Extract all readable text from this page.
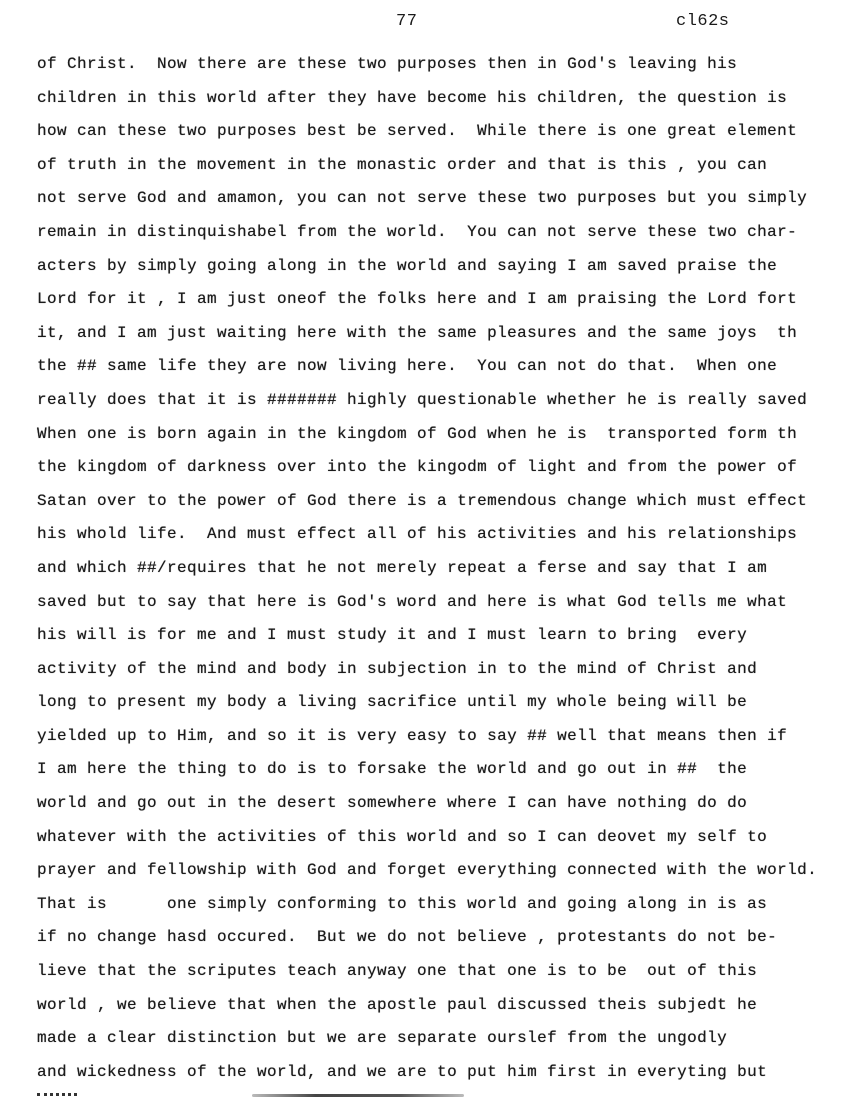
77	cl62s
of Christ.  Now there are these two purposes then in God's leaving his
children in this world after they have become his children, the question is
how can these two purposes best be served.  While there is one great element
of truth in the movement in the monastic order and that is this , you can
not serve God and amamon, you can not serve these two purposes but you simply
remain in distinquishabel from the world.  You can not serve these two char-
acters by simply going along in the world and saying I am saved praise the
Lord for it , I am just oneof the folks here and I am praising the Lord fort
it, and I am just waiting here with the same pleasures and the same joys  th
the ## same life they are now living here.  You can not do that.  When one
really does that it is ####### highly questionable whether he is really saved
When one is born again in the kingdom of God when he is  transported form th
the kingdom of darkness over into the kingodm of light and from the power of
Satan over to the power of God there is a tremendous change which must effect
his whold life.  And must effect all of his activities and his relationships
and which ##/requires that he not merely repeat a ferse and say that I am
saved but to say that here is God's word and here is what God tells me what
his will is for me and I must study it and I must learn to bring  every
activity of the mind and body in subjection in to the mind of Christ and
long to present my body a living sacrifice until my whole being will be
yielded up to Him, and so it is very easy to say ## well that means then if
I am here the thing to do is to forsake the world and go out in ##  the
world and go out in the desert somewhere where I can have nothing do do
whatever with the activities of this world and so I can deovet my self to
prayer and fellowship with God and forget everything connected with the world.
That is      one simply conforming to this world and going along in is as
if no change hasd occured.  But we do not believe , protestants do not be-
lieve that the scriputes teach anyway one that one is to be  out of this
world , we believe that when the apostle paul discussed theis subjedt he
made a clear distinction but we are separate ourslef from the ungodly
and wickedness of the world, and we are to put him first in everyting but
